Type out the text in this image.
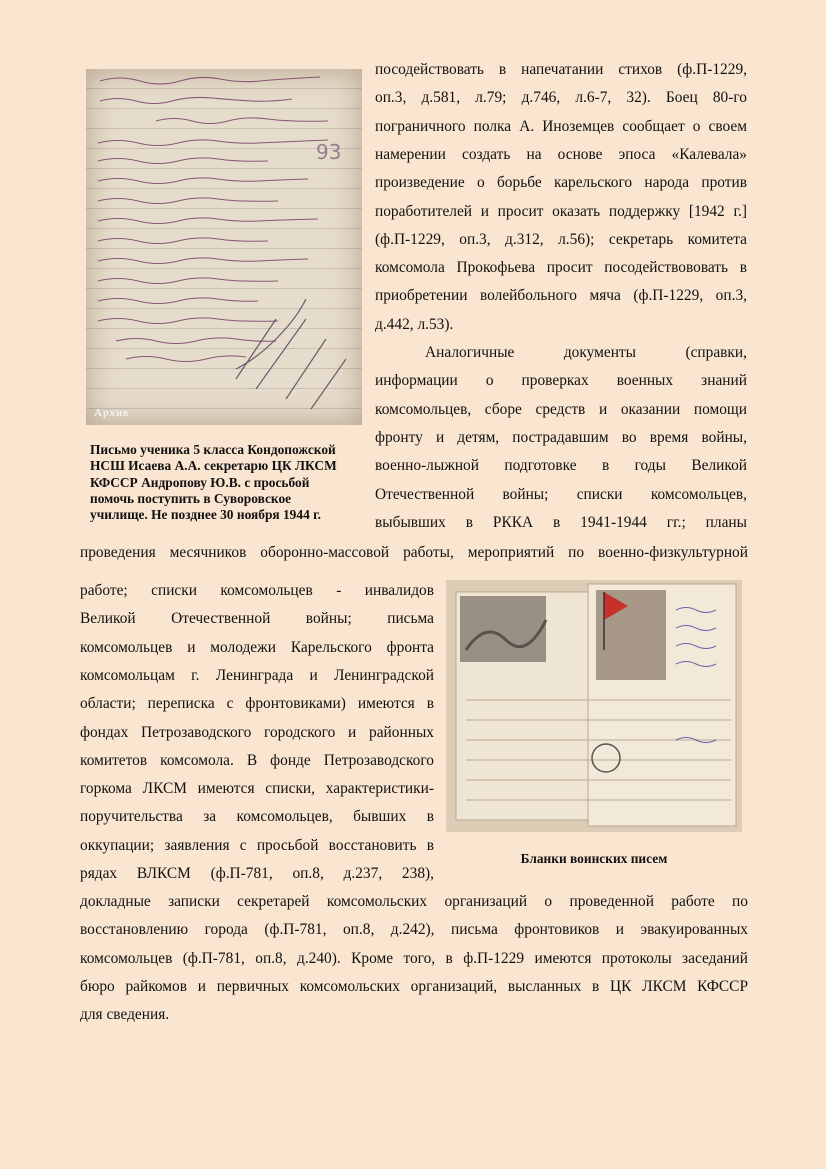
93
Архив
Письмо ученика 5 класса Кондопожской НСШ Исаева А.А. секретарю ЦК ЛКСМ КФССР Андропову Ю.В. с просьбой помочь поступить в Суворовское училище. Не позднее 30 ноября 1944 г.
Бланки воинских писем
посодействовать в напечатании стихов (ф.П-1229,
оп.3, д.581, л.79; д.746, л.6-7, 32). Боец 80-го
пограничного полка А. Иноземцев сообщает о своем
намерении создать на основе эпоса «Калевала»
произведение о борьбе карельского народа против
поработителей и просит оказать поддержку [1942 г.]
(ф.П-1229, оп.3, д.312, л.56); секретарь комитета
комсомола Прокофьева просит посодействововать в
приобретении волейбольного мяча (ф.П-1229, оп.3,
д.442, л.53).
Аналогичные документы (справки,
информации о проверках военных знаний
комсомольцев, сборе средств и оказании помощи
фронту и детям, пострадавшим во время войны,
военно-лыжной подготовке в годы Великой
Отечественной войны; списки комсомольцев,
выбывших в РККА в 1941-1944 гг.; планы
проведения месячников оборонно-массовой работы, мероприятий по военно-физкультурной
работе; списки комсомольцев - инвалидов
Великой Отечественной войны; письма
комсомольцев и молодежи Карельского фронта
комсомольцам г. Ленинграда и Ленинградской
области; переписка с фронтовиками) имеются в
фондах Петрозаводского городского и районных
комитетов комсомола. В фонде Петрозаводского
горкома ЛКСМ имеются списки, характеристики-
поручительства за комсомольцев, бывших в
оккупации; заявления с просьбой восстановить в
рядах ВЛКСМ (ф.П-781, оп.8, д.237, 238),
докладные записки секретарей комсомольских организаций о проведенной работе по
восстановлению города (ф.П-781, оп.8, д.242), письма фронтовиков и эвакуированных
комсомольцев (ф.П-781, оп.8, д.240). Кроме того, в ф.П-1229 имеются протоколы заседаний
бюро райкомов и первичных комсомольских организаций, высланных в ЦК ЛКСМ КФССР
для сведения.
